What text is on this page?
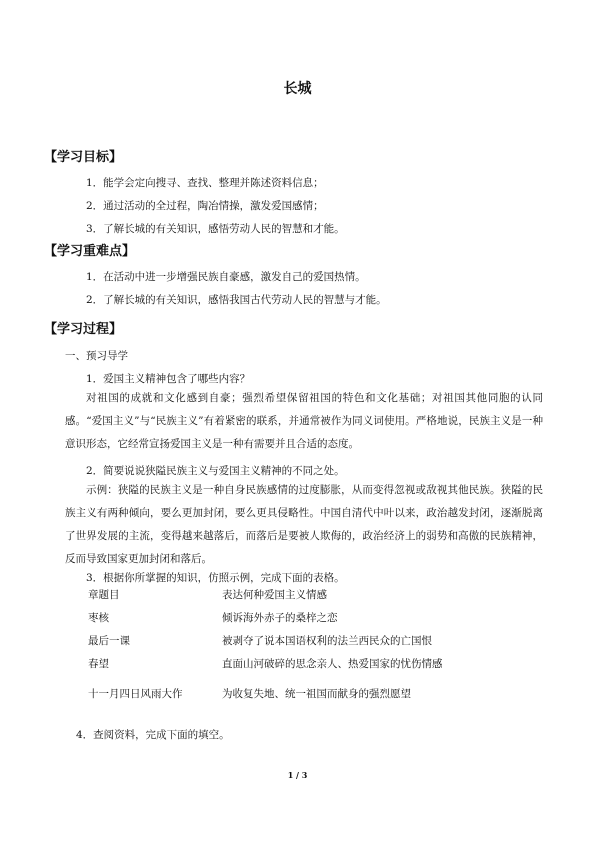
长城
【学习目标】
1．能学会定向搜寻、查找、整理并陈述资料信息；
2．通过活动的全过程，陶冶情操，激发爱国感情；
3．了解长城的有关知识，感悟劳动人民的智慧和才能。
【学习重难点】
1．在活动中进一步增强民族自豪感，激发自己的爱国热情。
2．了解长城的有关知识，感悟我国古代劳动人民的智慧与才能。
【学习过程】
一、预习导学
1．爱国主义精神包含了哪些内容？
对祖国的成就和文化感到自豪；强烈希望保留祖国的特色和文化基础；对祖国其他同胞的认同感。“爱国主义”与“民族主义”有着紧密的联系，并通常被作为同义词使用。严格地说，民族主义是一种意识形态，它经常宣扬爱国主义是一种有需要并且合适的态度。
2．简要说说狭隘民族主义与爱国主义精神的不同之处。
示例：狭隘的民族主义是一种自身民族感情的过度膨胀，从而变得忽视或敌视其他民族。狭隘的民族主义有两种倾向，要么更加封闭，要么更具侵略性。中国自清代中叶以来，政治越发封闭，逐渐脱离了世界发展的主流，变得越来越落后，而落后是要被人欺侮的，政治经济上的弱势和高傲的民族精神，反而导致国家更加封闭和落后。
3．根据你所掌握的知识，仿照示例，完成下面的表格。
章题目	表达何种爱国主义情感
枣核	倾诉海外赤子的桑梓之恋
最后一课	被剥夺了说本国语权利的法兰西民众的亡国恨
春望	直面山河破碎的思念亲人、热爱国家的忧伤情感
十一月四日风雨大作	为收复失地、统一祖国而献身的强烈愿望
4．查阅资料，完成下面的填空。
1 / 3
